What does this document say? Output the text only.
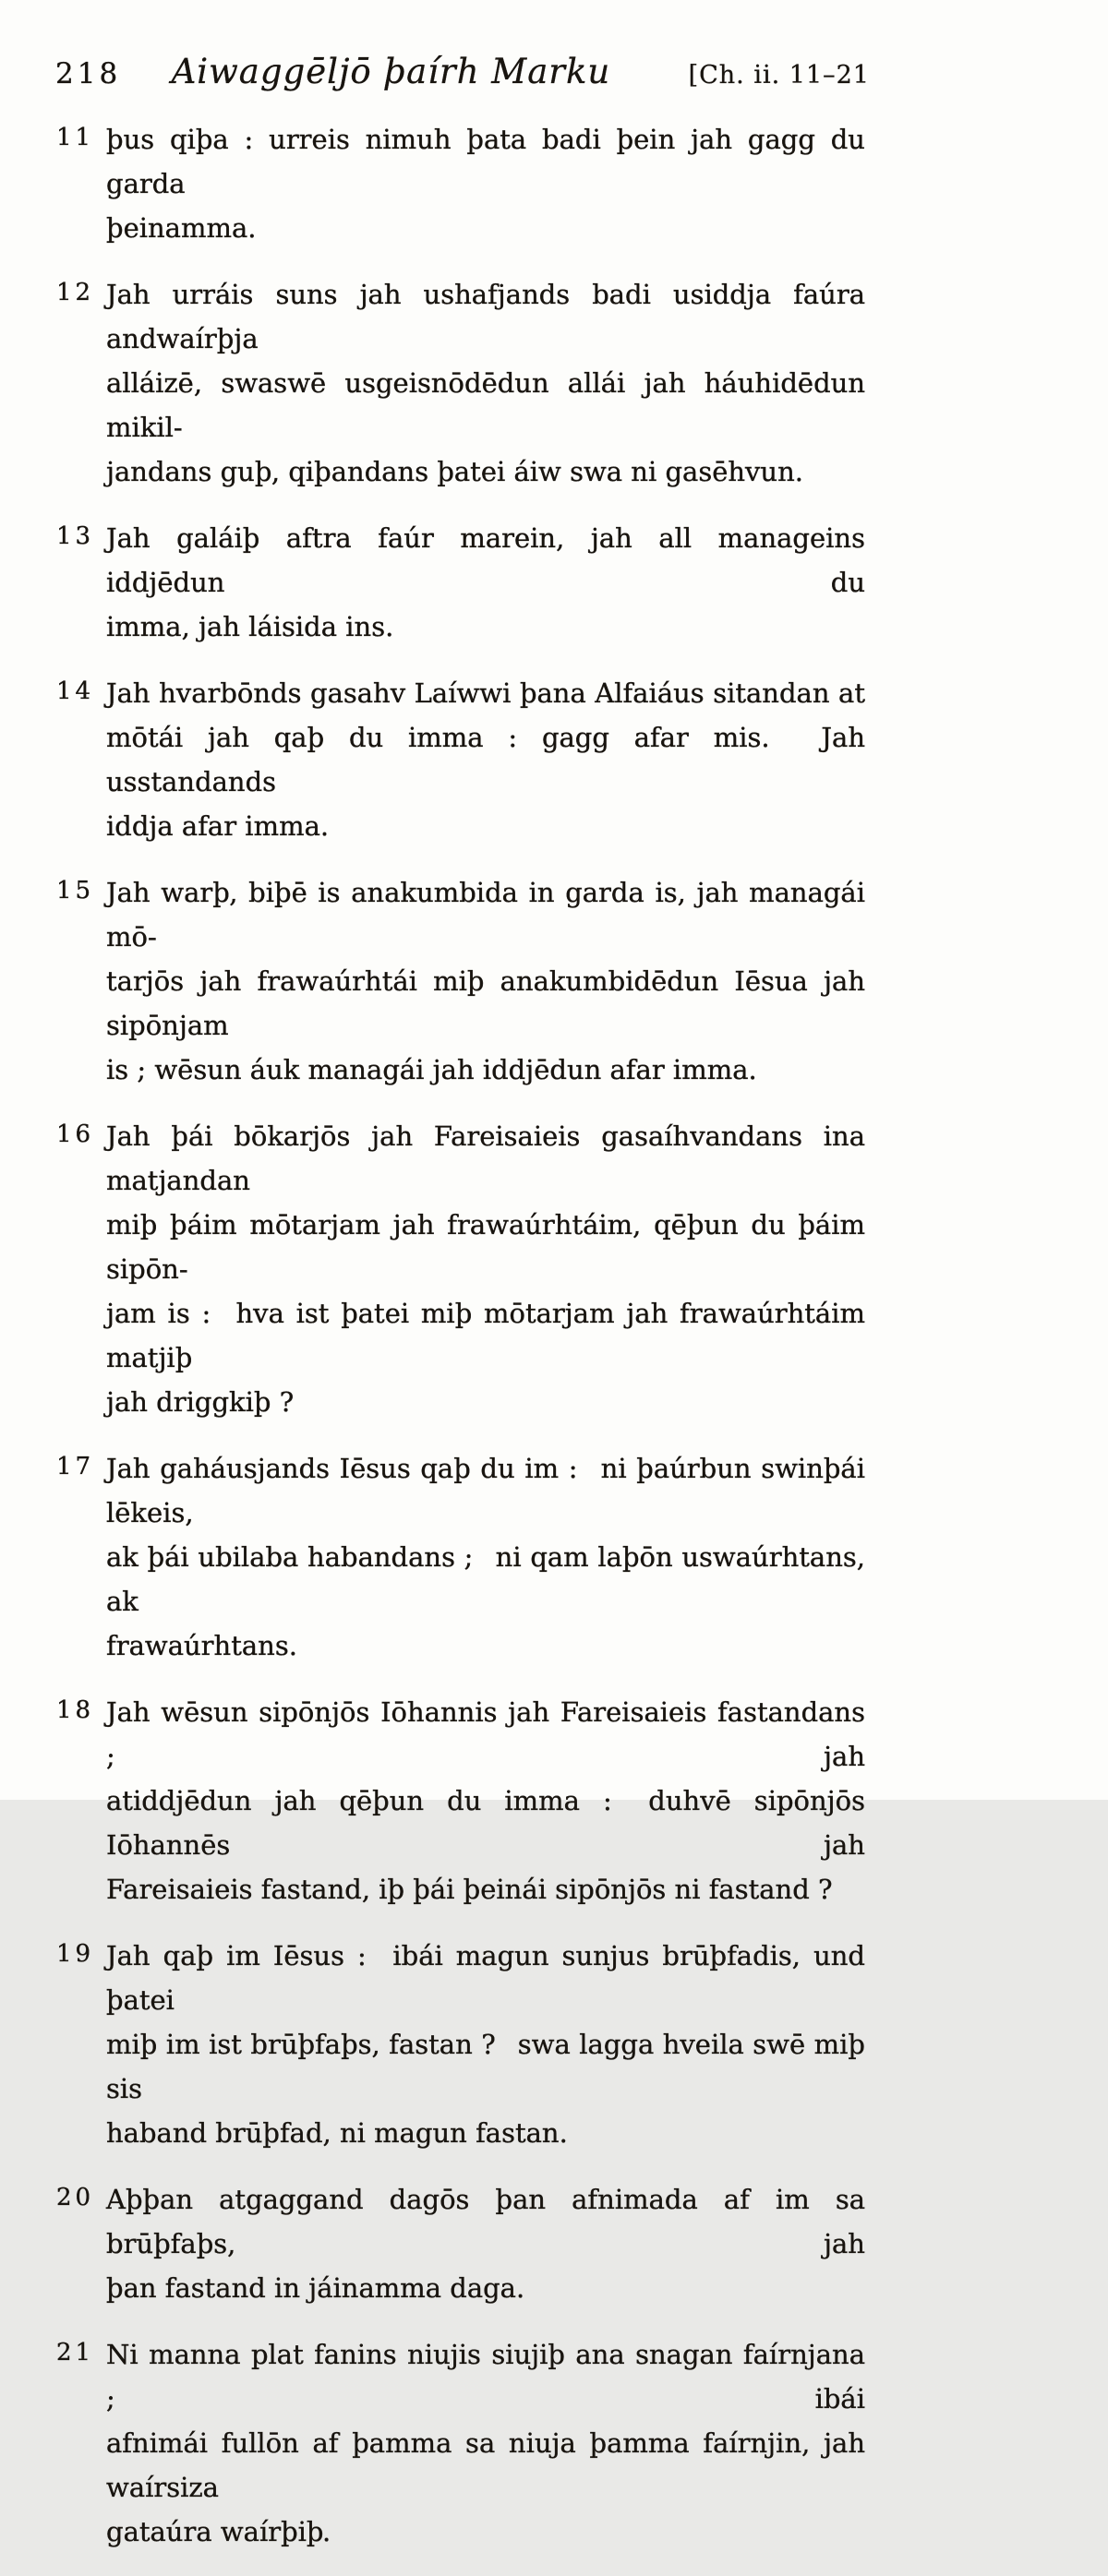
218	Aiwaggēljō þaírh Marku	[Ch. ii. 11–21
11 þus qiþa : urreis nimuh þata badi þein jah gagg du garda
þeinamma.
12 Jah urráis suns jah ushafjands badi usiddja faúra andwaírþja
alláizē, swaswē usgeisnōdēdun allái jah háuhidēdun mikil-
jandans guþ, qiþandans þatei áiw swa ni gasēhvun.
13 Jah galáiþ aftra faúr marein, jah all manageins iddjēdun du
imma, jah láisida ins.
14 Jah hvarbōnds gasahv Laíwwi þana Alfaiáus sitandan at
mōtái jah qaþ du imma : gagg afar mis.  Jah usstandands
iddja afar imma.
15 Jah warþ, biþē is anakumbida in garda is, jah managái mō-
tarjōs jah frawaúrhtái miþ anakumbidēdun Iēsua jah sipōnjam
is ; wēsun áuk managái jah iddjēdun afar imma.
16 Jah þái bōkarjōs jah Fareisaieis gasaíhvandans ina matjandan
miþ þáim mōtarjam jah frawaúrhtáim, qēþun du þáim sipōn-
jam is :  hva ist þatei miþ mōtarjam jah frawaúrhtáim matjiþ
jah driggkiþ ?
17 Jah gaháusjands Iēsus qaþ du im :  ni þaúrbun swinþái lēkeis,
ak þái ubilaba habandans ;  ni qam laþōn uswaúrhtans, ak
frawaúrhtans.
18 Jah wēsun sipōnjōs Iōhannis jah Fareisaieis fastandans ;  jah
atiddjēdun jah qēþun du imma :  duhvē sipōnjōs Iōhannēs jah
Fareisaieis fastand, iþ þái þeinái sipōnjōs ni fastand ?
19 Jah qaþ im Iēsus :  ibái magun sunjus brūþfadis, und þatei
miþ im ist brūþfaþs, fastan ?  swa lagga hveila swē miþ sis
haband brūþfad, ni magun fastan.
20 Aþþan atgaggand dagōs þan afnimada af im sa brūþfaþs, jah
þan fastand in jáinamma daga.
21 Ni manna plat fanins niujis siujiþ ana snagan faírnjana ;  ibái
afnimái fullōn af þamma sa niuja þamma faírnjin, jah waírsiza
gataúra waírþiþ.
